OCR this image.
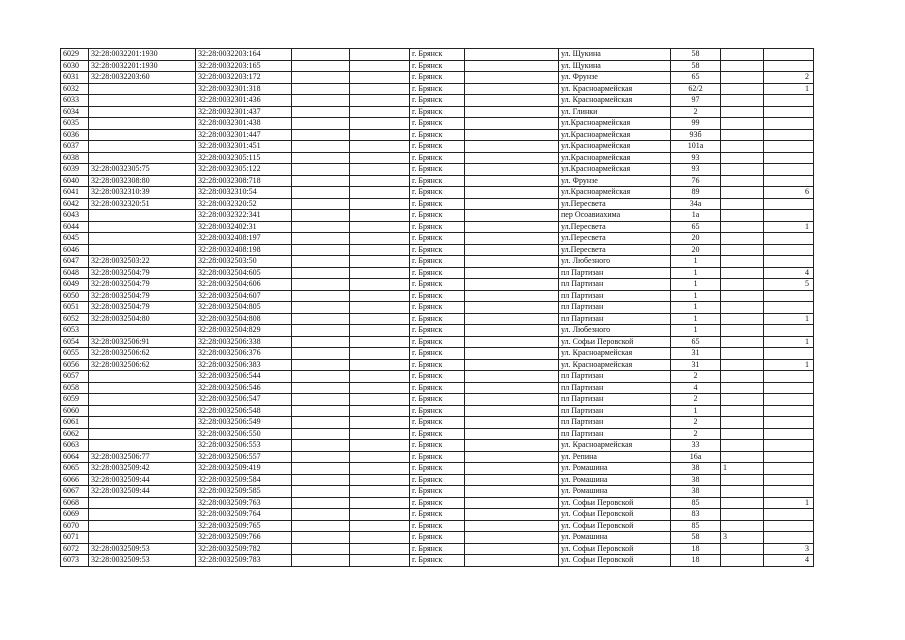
6029	32:28:0032201:1930	32:28:0032203:164			г. Брянск		ул. Щукина	58		
6030	32:28:0032201:1930	32:28:0032203:165			г. Брянск		ул. Щукина	58		
6031	32:28:0032203:60	32:28:0032203:172			г. Брянск		ул. Фрунзе	65		2
6032		32:28:0032301:318			г. Брянск		ул. Красноармейская	62/2		1
6033		32:28:0032301:436			г. Брянск		ул. Красноармейская	97		
6034		32:28:0032301:437			г. Брянск		ул. Глинки	2		
6035		32:28:0032301:438			г. Брянск		ул.Красноармейская	99		
6036		32:28:0032301:447			г. Брянск		ул.Красноармейская	93б		
6037		32:28:0032301:451			г. Брянск		ул.Красноармейская	101а		
6038		32:28:0032305:115			г. Брянск		ул.Красноармейская	93		
6039	32:28:0032305:75	32:28:0032305:122			г. Брянск		ул.Красноармейская	93		
6040	32:28:0032308:80	32:28:0032308:718			г. Брянск		ул. Фрунзе	76		
6041	32:28:0032310:39	32:28:0032310:54			г. Брянск		ул.Красноармейская	89		6
6042	32:28:0032320:51	32:28:0032320:52			г. Брянск		ул.Пересвета	34а		
6043		32:28:0032322:341			г. Брянск		пер Осоавиахима	1а		
6044		32:28:0032402:31			г. Брянск		ул.Пересвета	65		1
6045		32:28:0032408:197			г. Брянск		ул.Пересвета	20		
6046		32:28:0032408:198			г. Брянск		ул.Пересвета	20		
6047	32:28:0032503:22	32:28:0032503:50			г. Брянск		ул. Любезного	1		
6048	32:28:0032504:79	32:28:0032504:605			г. Брянск		пл Партизан	1		4
6049	32:28:0032504:79	32:28:0032504:606			г. Брянск		пл Партизан	1		5
6050	32:28:0032504:79	32:28:0032504:607			г. Брянск		пл Партизан	1		
6051	32:28:0032504:79	32:28:0032504:805			г. Брянск		пл Партизан	1		
6052	32:28:0032504:80	32:28:0032504:808			г. Брянск		пл Партизан	1		1
6053		32:28:0032504:829			г. Брянск		ул. Любезного	1		
6054	32:28:0032506:91	32:28:0032506:338			г. Брянск		ул. Софьи Перовской	65		1
6055	32:28:0032506:62	32:28:0032506:376			г. Брянск		ул. Красноармейская	31		
6056	32:28:0032506:62	32:28:0032506:383			г. Брянск		ул. Красноармейская	31		1
6057		32:28:0032506:544			г. Брянск		пл Партизан	2		
6058		32:28:0032506:546			г. Брянск		пл Партизан	4		
6059		32:28:0032506:547			г. Брянск		пл Партизан	2		
6060		32:28:0032506:548			г. Брянск		пл Партизан	1		
6061		32:28:0032506:549			г. Брянск		пл Партизан	2		
6062		32:28:0032506:550			г. Брянск		пл Партизан	2		
6063		32:28:0032506:553			г. Брянск		ул. Красноармейская	33		
6064	32:28:0032506:77	32:28:0032506:557			г. Брянск		ул. Репина	16а		
6065	32:28:0032509:42	32:28:0032509:419			г. Брянск		ул. Ромашина	38	1	
6066	32:28:0032509:44	32:28:0032509:584			г. Брянск		ул. Ромашина	38		
6067	32:28:0032509:44	32:28:0032509:585			г. Брянск		ул. Ромашина	38		
6068		32:28:0032509:763			г. Брянск		ул. Софьи Перовской	85		1
6069		32:28:0032509:764			г. Брянск		ул. Софьи Перовской	83		
6070		32:28:0032509:765			г. Брянск		ул. Софьи Перовской	85		
6071		32:28:0032509:766			г. Брянск		ул. Ромашина	58	3	
6072	32:28:0032509:53	32:28:0032509:782			г. Брянск		ул. Софьи Перовской	18		3
6073	32:28:0032509:53	32:28:0032509:783			г. Брянск		ул. Софьи Перовской	18		4
